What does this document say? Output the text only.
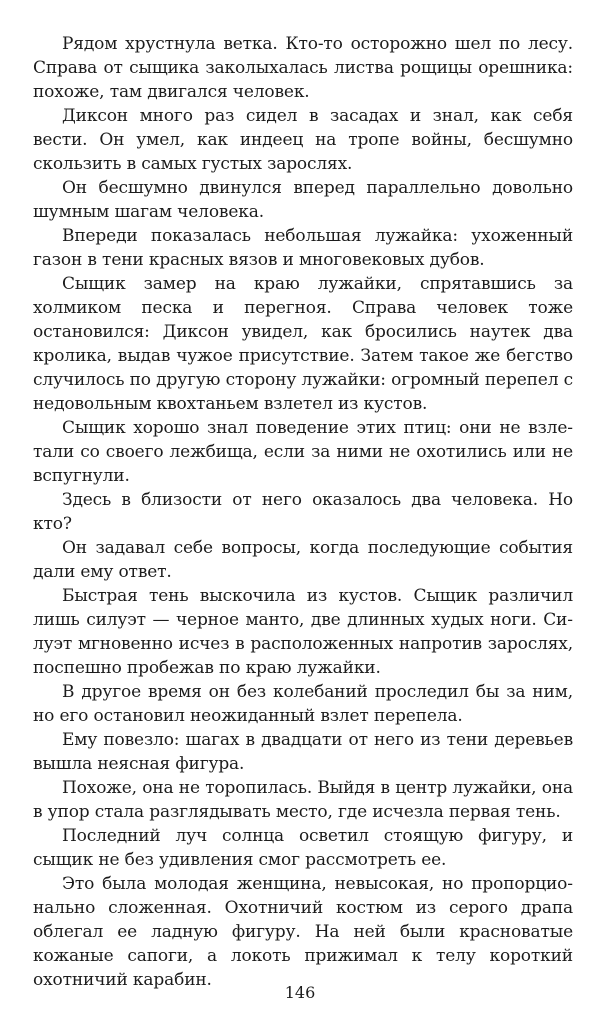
Рядом хрустнула ветка. Кто-то осторожно шел по лесу. Справа от сыщика заколыхалась листва рощицы орешника: похоже, там двигался человек.

Диксон много раз сидел в засадах и знал, как себя вести. Он умел, как индеец на тропе войны, бесшумно скользить в самых густых зарослях.

Он бесшумно двинулся вперед параллельно довольно шумным шагам человека.

Впереди показалась небольшая лужайка: ухоженный газон в тени красных вязов и многовековых дубов.

Сыщик замер на краю лужайки, спрятавшись за холмиком песка и перегноя. Справа человек тоже остановился: Диксон увидел, как бросились наутек два кролика, выдав чужое присутствие. Затем такое же бегство случилось по другую сторону лужайки: огромный перепел с недовольным квохтаньем взлетел из кустов.

Сыщик хорошо знал поведение этих птиц: они не взлетали со своего лежбища, если за ними не охотились или не вспугнули.

Здесь в близости от него оказалось два человека. Но кто?

Он задавал себе вопросы, когда последующие события дали ему ответ.

Быстрая тень выскочила из кустов. Сыщик различил лишь силуэт — черное манто, две длинных худых ноги. Силуэт мгновенно исчез в расположенных напротив зарослях, поспешно пробежав по краю лужайки.

В другое время он без колебаний проследил бы за ним, но его остановил неожиданный взлет перепела.

Ему повезло: шагах в двадцати от него из тени деревьев вышла неясная фигура.

Похоже, она не торопилась. Выйдя в центр лужайки, она в упор стала разглядывать место, где исчезла первая тень.

Последний луч солнца осветил стоящую фигуру, и сыщик не без удивления смог рассмотреть ее.

Это была молодая женщина, невысокая, но пропорционально сложенная. Охотничий костюм из серого драпа облегал ее ладную фигуру. На ней были красноватые кожаные сапоги, а локоть прижимал к телу короткий охотничий карабин.

146
